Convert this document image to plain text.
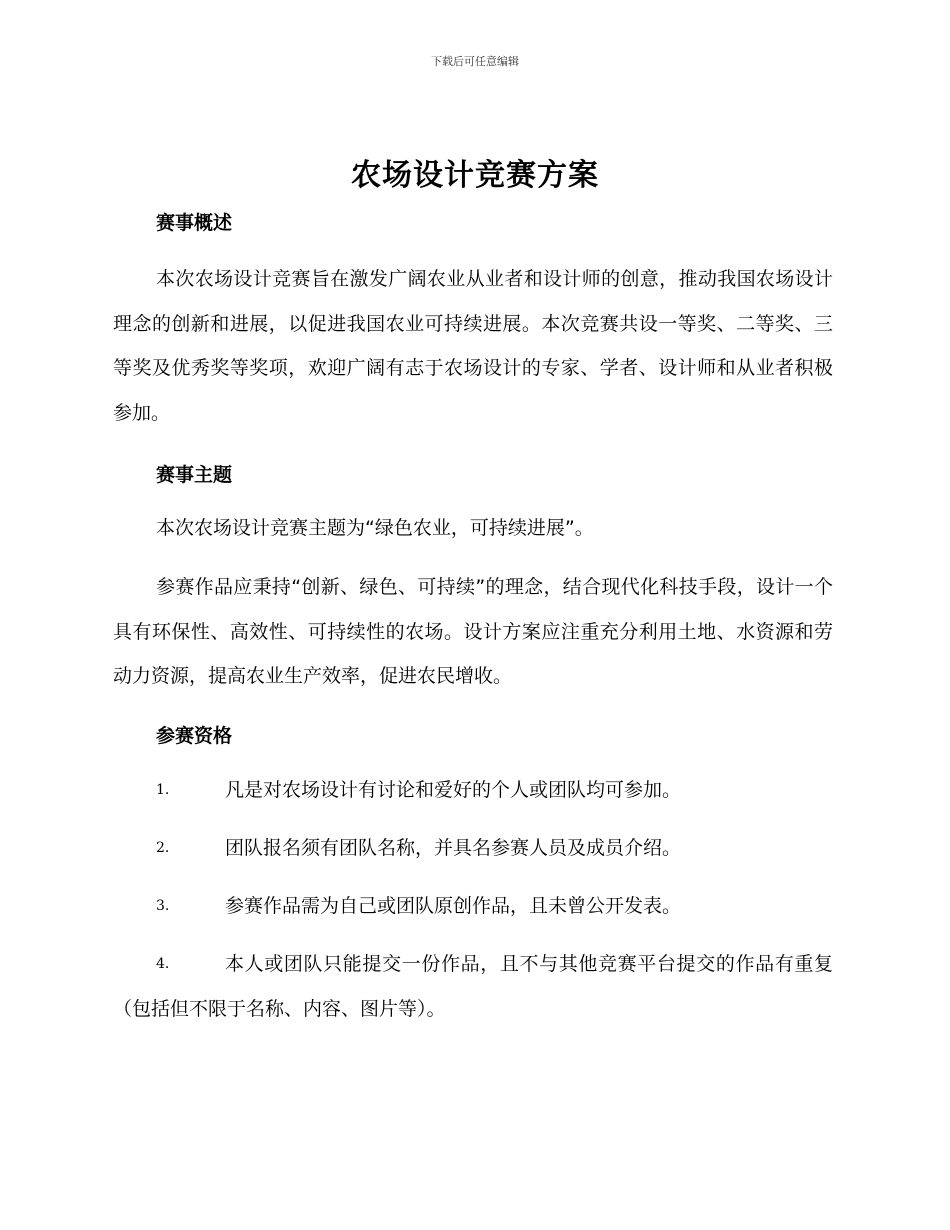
下载后可任意编辑
农场设计竞赛方案
赛事概述
本次农场设计竞赛旨在激发广阔农业从业者和设计师的创意，推动我国农场设计理念的创新和进展，以促进我国农业可持续进展。本次竞赛共设一等奖、二等奖、三等奖及优秀奖等奖项，欢迎广阔有志于农场设计的专家、学者、设计师和从业者积极参加。
赛事主题
本次农场设计竞赛主题为“绿色农业，可持续进展”。
参赛作品应秉持“创新、绿色、可持续”的理念，结合现代化科技手段，设计一个具有环保性、高效性、可持续性的农场。设计方案应注重充分利用土地、水资源和劳动力资源，提高农业生产效率，促进农民增收。
参赛资格
1.	凡是对农场设计有讨论和爱好的个人或团队均可参加。
2.	团队报名须有团队名称，并具名参赛人员及成员介绍。
3.	参赛作品需为自己或团队原创作品，且未曾公开发表。
4.	本人或团队只能提交一份作品，且不与其他竞赛平台提交的作品有重复（包括但不限于名称、内容、图片等）。
